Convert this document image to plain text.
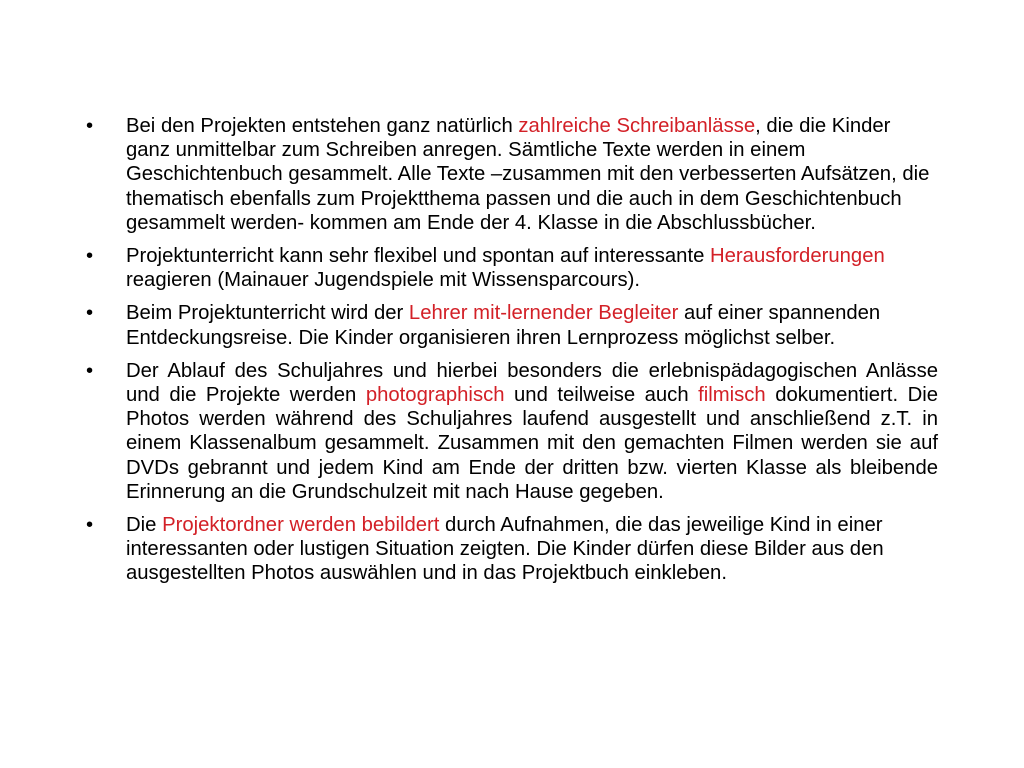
•	Bei den Projekten entstehen ganz natürlich zahlreiche Schreibanlässe, die die Kinder ganz unmittelbar zum Schreiben anregen. Sämtliche Texte werden in einem Geschichtenbuch gesammelt. Alle Texte –zusammen mit den verbesserten Aufsätzen, die thematisch ebenfalls zum Projektthema passen und die auch in dem Geschichtenbuch gesammelt werden- kommen am Ende der 4. Klasse in die Abschlussbücher.
•	Projektunterricht kann sehr flexibel und spontan auf interessante Herausforderungen reagieren (Mainauer Jugendspiele mit Wissensparcours).
•	Beim Projektunterricht wird der Lehrer mit-lernender Begleiter auf einer spannenden Entdeckungsreise. Die Kinder organisieren ihren Lernprozess möglichst selber.
•	Der Ablauf des Schuljahres und hierbei besonders die erlebnispädagogischen Anlässe und die Projekte werden photographisch und teilweise auch filmisch dokumentiert. Die Photos werden während des Schuljahres laufend ausgestellt und anschließend z.T. in einem Klassenalbum gesammelt. Zusammen mit den gemachten Filmen werden sie auf DVDs gebrannt und jedem Kind am Ende der dritten bzw. vierten Klasse als bleibende Erinnerung an die Grundschulzeit mit nach Hause gegeben.
•	Die Projektordner werden bebildert durch Aufnahmen, die das jeweilige Kind in einer interessanten oder lustigen Situation zeigten. Die Kinder dürfen diese Bilder aus den ausgestellten Photos auswählen und in das Projektbuch einkleben.
